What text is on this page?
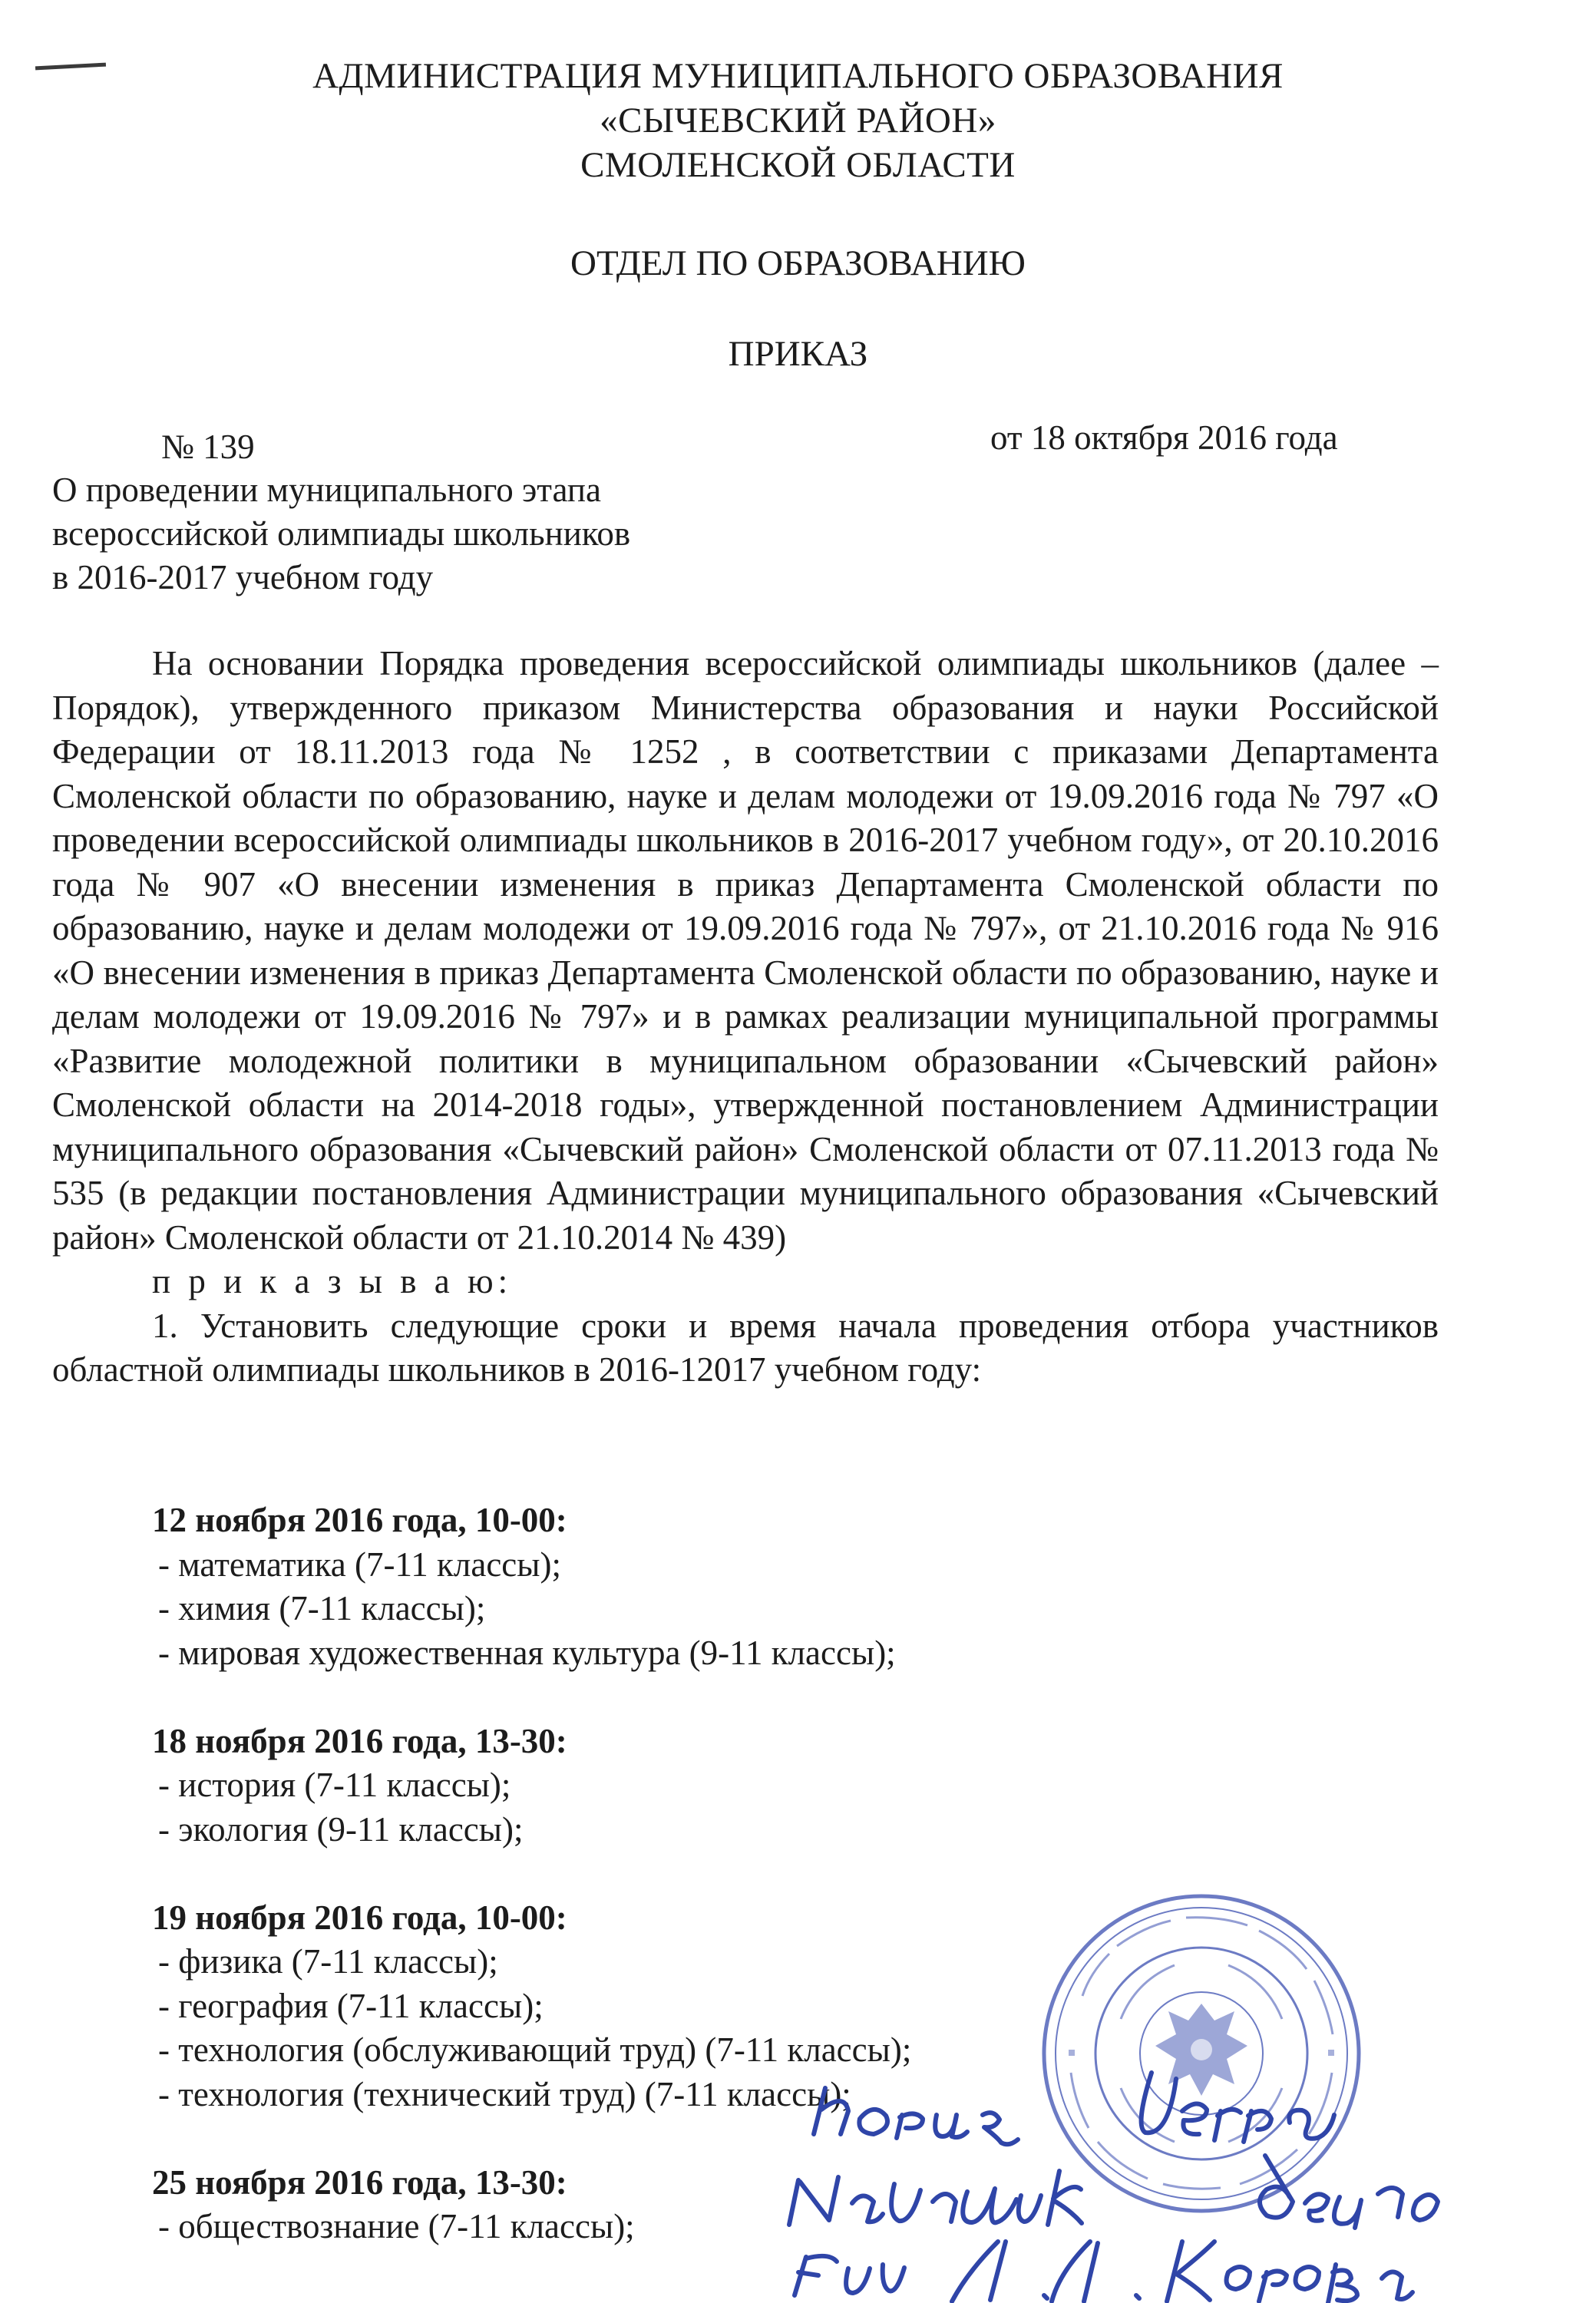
АДМИНИСТРАЦИЯ МУНИЦИПАЛЬНОГО ОБРАЗОВАНИЯ
«СЫЧЕВСКИЙ РАЙОН»
СМОЛЕНСКОЙ ОБЛАСТИ
ОТДЕЛ ПО ОБРАЗОВАНИЮ
ПРИКАЗ
№ 139	от 18 октября 2016 года
О проведении муниципального этапа
всероссийской олимпиады школьников
в 2016-2017 учебном году

На основании Порядка проведения всероссийской олимпиады школьников (далее – Порядок), утвержденного приказом Министерства образования и науки Российской Федерации от 18.11.2013 года № 1252 , в соответствии с приказами Департамента Смоленской области по образованию, науке и делам молодежи от 19.09.2016 года № 797 «О проведении всероссийской олимпиады школьников в 2016-2017 учебном году», от 20.10.2016 года № 907 «О внесении изменения в приказ Департамента Смоленской области по образованию, науке и делам молодежи от 19.09.2016 года № 797», от 21.10.2016 года № 916 «О внесении изменения в приказ Департамента Смоленской области по образованию, науке и делам молодежи от 19.09.2016 № 797» и в рамках реализации муниципальной программы «Развитие молодежной политики в муниципальном образовании «Сычевский район» Смоленской области на 2014-2018 годы», утвержденной постановлением Администрации муниципального образования «Сычевский район» Смоленской области от 07.11.2013 года № 535 (в редакции постановления Администрации муниципального образования «Сычевский район» Смоленской области от 21.10.2014 № 439)

п р и к а з ы в а ю:

1. Установить следующие сроки и время начала проведения отбора участников областной олимпиады школьников в 2016-12017 учебном году:

12 ноября 2016 года, 10-00:
- математика (7-11 классы);
- химия (7-11 классы);
- мировая художественная культура (9-11 классы);
18 ноября 2016 года, 13-30:
- история (7-11 классы);
- экология (9-11 классы);
19 ноября 2016 года, 10-00:
- физика (7-11 классы);
- география (7-11 классы);
- технология (обслуживающий труд) (7-11 классы);
- технология (технический труд) (7-11 классы);
25 ноября 2016 года, 13-30:
- обществознание (7-11 классы);
